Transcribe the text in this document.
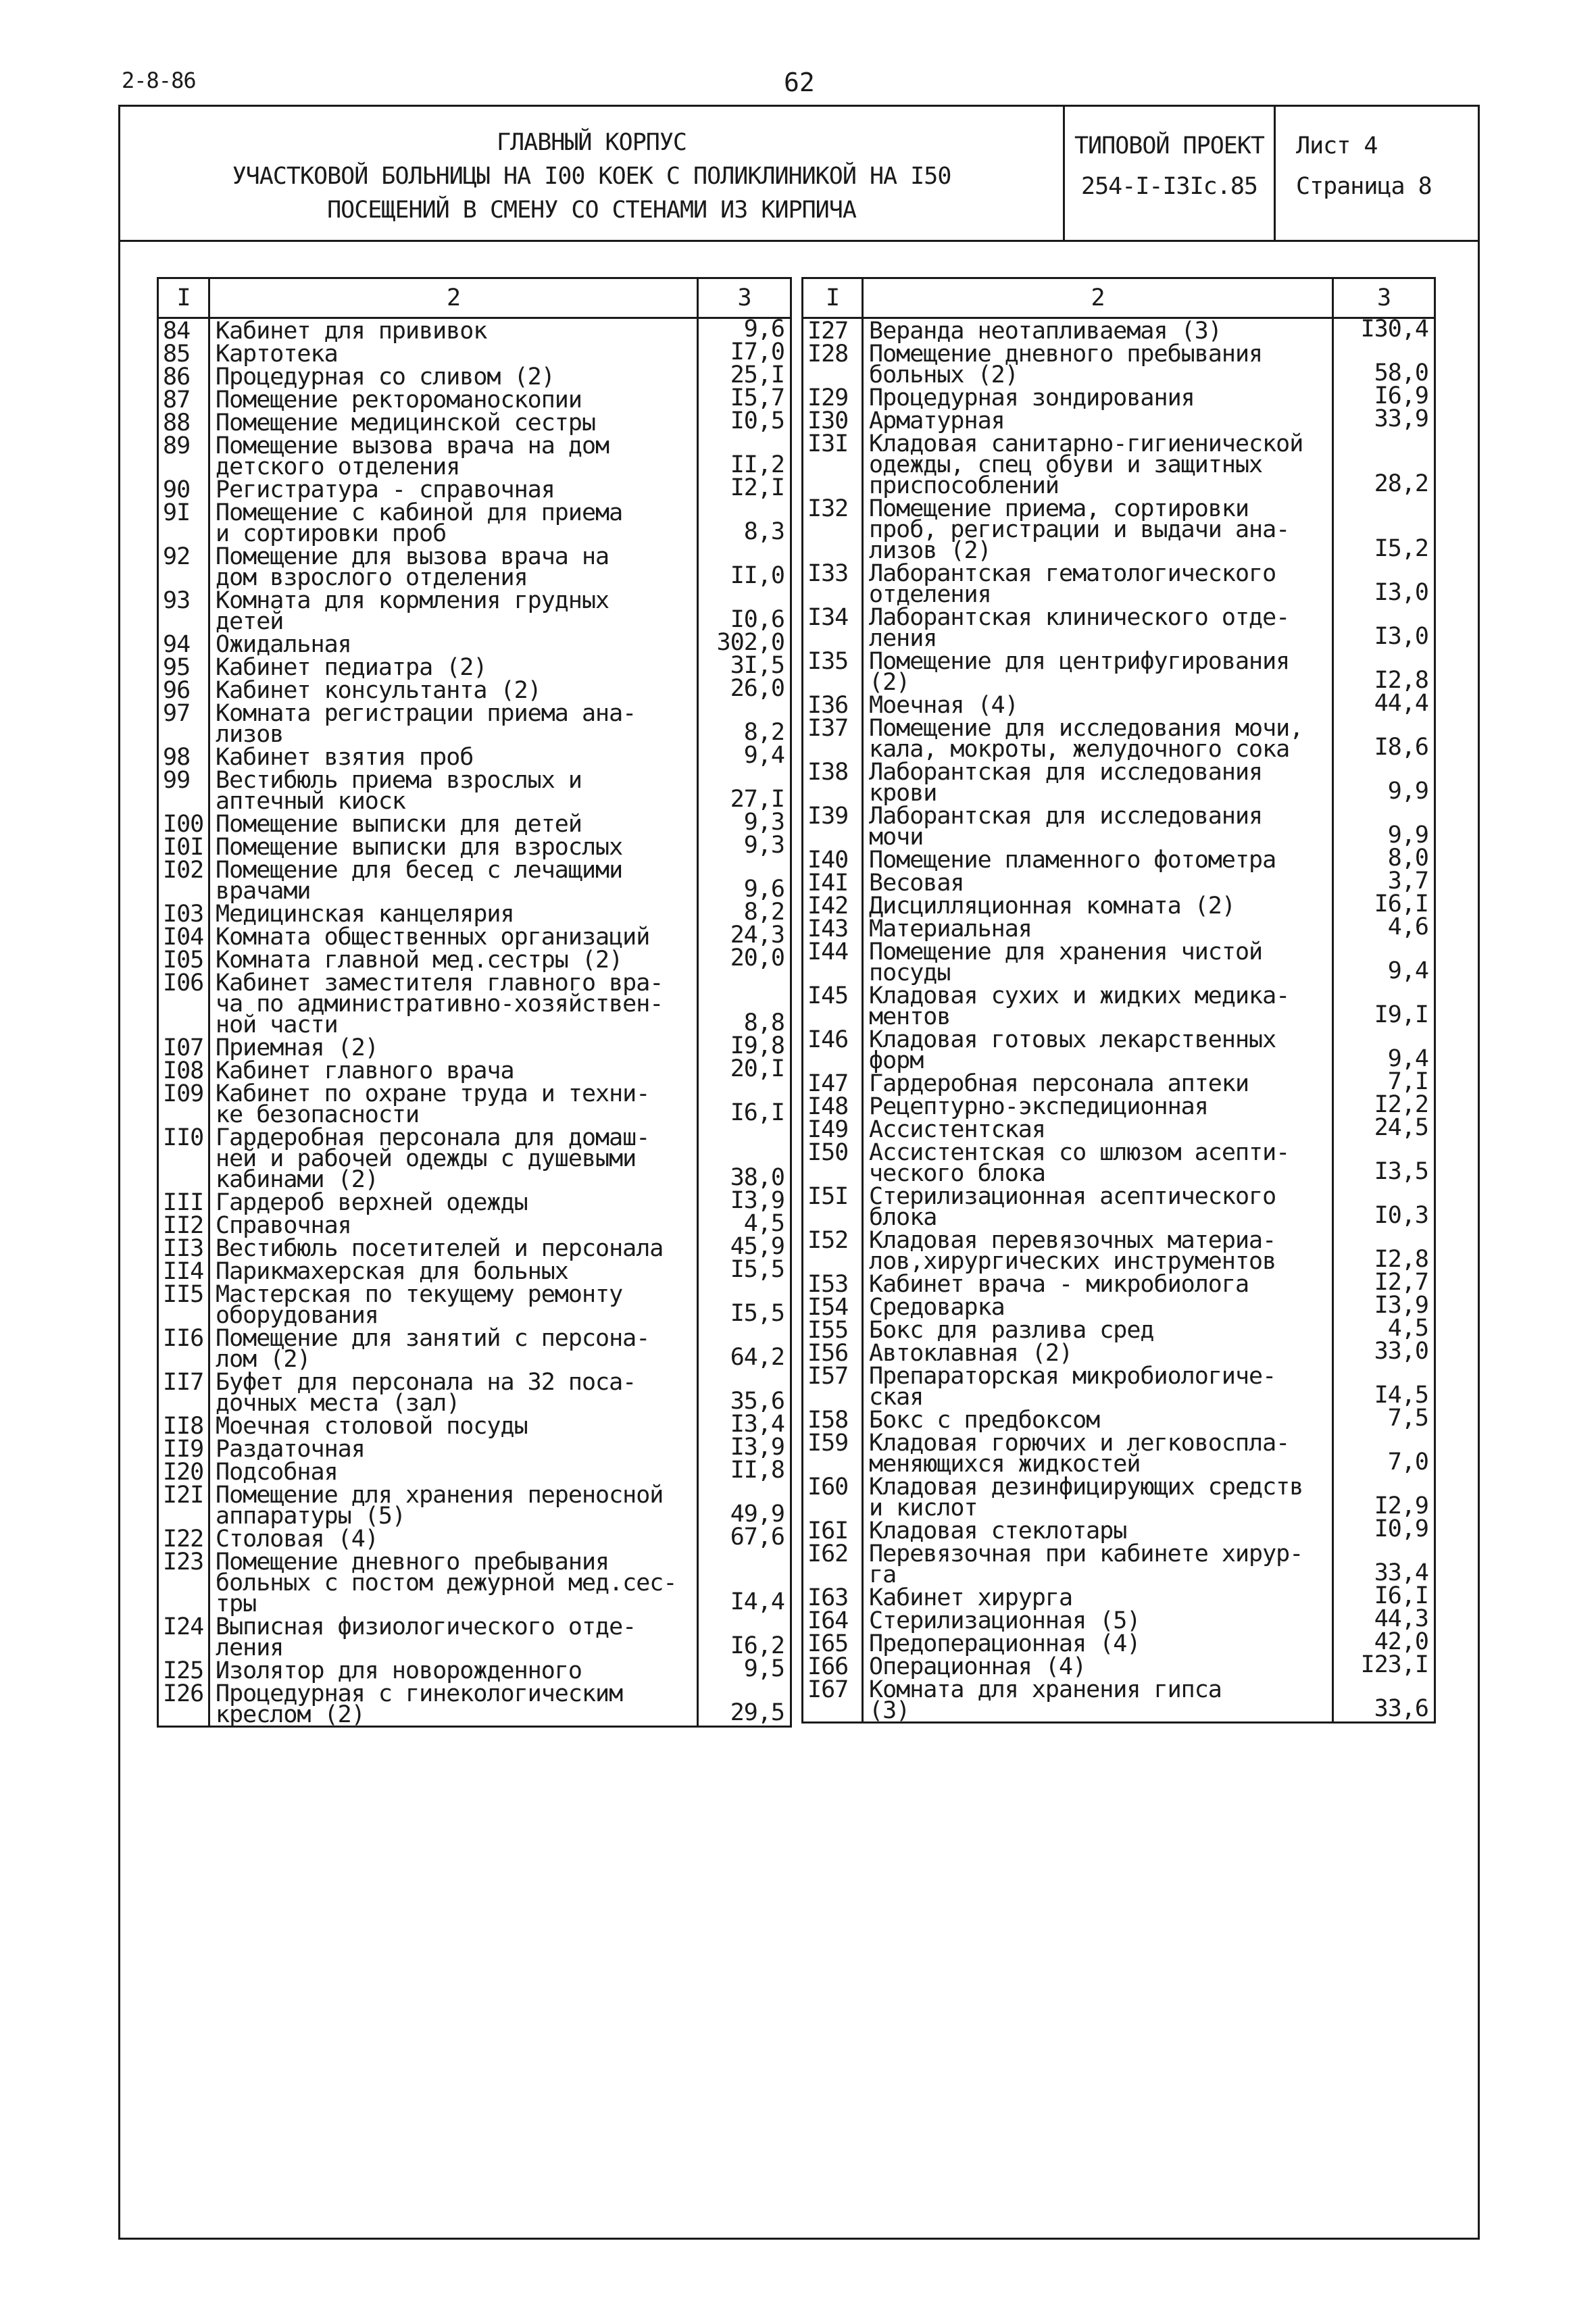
2-8-86	62
ГЛАВНЫЙ КОРПУС
УЧАСТКОВОЙ БОЛЬНИЦЫ НА I00 КОЕК С ПОЛИКЛИНИКОЙ НА I50
ПОСЕЩЕНИЙ В СМЕНУ СО СТЕНАМИ ИЗ КИРПИЧА
ТИПОВОЙ ПРОЕКТ
254-I-I3Iс.85
Лист 4
Страница 8
I	2	3
84	Кабинет для прививок	9,6
85	Картотека	I7,0
86	Процедурная со сливом (2)	25,I
87	Помещение ректороманоскопии	I5,7
88	Помещение медицинской сестры	I0,5
89	Помещение вызова врача на дом
детского отделения	II,2
90	Регистратура - справочная	I2,I
9I	Помещение с кабиной для приема
и сортировки проб	8,3
92	Помещение для вызова врача на
дом взрослого отделения	II,0
93	Комната для кормления грудных
детей	I0,6
94	Ожидальная	302,0
95	Кабинет педиатра (2)	3I,5
96	Кабинет консультанта (2)	26,0
97	Комната регистрации приема ана-
лизов	8,2
98	Кабинет взятия проб	9,4
99	Вестибюль приема взрослых и
аптечный киоск	27,I
I00	Помещение выписки для детей	9,3
I0I	Помещение выписки для взрослых	9,3
I02	Помещение для бесед с лечащими
врачами	9,6
I03	Медицинская канцелярия	8,2
I04	Комната общественных организаций	24,3
I05	Комната главной мед.сестры (2)	20,0
I06	Кабинет заместителя главного вра-
ча по административно-хозяйствен-
ной части	8,8
I07	Приемная (2)	I9,8
I08	Кабинет главного врача	20,I
I09	Кабинет по охране труда и техни-
ке безопасности	I6,I
II0	Гардеробная персонала для домаш-
ней и рабочей одежды с душевыми
кабинами (2)	38,0
III	Гардероб верхней одежды	I3,9
II2	Справочная	4,5
II3	Вестибюль посетителей и персонала	45,9
II4	Парикмахерская для больных	I5,5
II5	Мастерская по текущему ремонту
оборудования	I5,5
II6	Помещение для занятий с персона-
лом (2)	64,2
II7	Буфет для персонала на 32 поса-
дочных места (зал)	35,6
II8	Моечная столовой посуды	I3,4
II9	Раздаточная	I3,9
I20	Подсобная	II,8
I2I	Помещение для хранения переносной
аппаратуры (5)	49,9
I22	Столовая (4)	67,6
I23	Помещение дневного пребывания
больных с постом дежурной мед.сес-
тры	I4,4
I24	Выписная физиологического отде-
ления	I6,2
I25	Изолятор для новорожденного	9,5
I26	Процедурная с гинекологическим
креслом (2)	29,5
I	2	3
I27	Веранда неотапливаемая (3)	I30,4
I28	Помещение дневного пребывания
больных (2)	58,0
I29	Процедурная зондирования	I6,9
I30	Арматурная	33,9
I3I	Кладовая санитарно-гигиенической
одежды, спец обуви и защитных
приспособлений	28,2
I32	Помещение приема, сортировки
проб, регистрации и выдачи ана-
лизов (2)	I5,2
I33	Лаборантская гематологического
отделения	I3,0
I34	Лаборантская клинического отде-
ления	I3,0
I35	Помещение для центрифугирования
(2)	I2,8
I36	Моечная (4)	44,4
I37	Помещение для исследования мочи,
кала, мокроты, желудочного сока	I8,6
I38	Лаборантская для исследования
крови	9,9
I39	Лаборантская для исследования
мочи	9,9
I40	Помещение пламенного фотометра	8,0
I4I	Весовая	3,7
I42	Дисцилляционная комната (2)	I6,I
I43	Материальная	4,6
I44	Помещение для хранения чистой
посуды	9,4
I45	Кладовая сухих и жидких медика-
ментов	I9,I
I46	Кладовая готовых лекарственных
форм	9,4
I47	Гардеробная персонала аптеки	7,I
I48	Рецептурно-экспедиционная	I2,2
I49	Ассистентская	24,5
I50	Ассистентская со шлюзом асепти-
ческого блока	I3,5
I5I	Стерилизационная асептического
блока	I0,3
I52	Кладовая перевязочных материа-
лов,хирургических инструментов	I2,8
I53	Кабинет врача - микробиолога	I2,7
I54	Средоварка	I3,9
I55	Бокс для разлива сред	4,5
I56	Автоклавная (2)	33,0
I57	Препараторская микробиологиче-
ская	I4,5
I58	Бокс с предбоксом	7,5
I59	Кладовая горючих и легковоспла-
меняющихся жидкостей	7,0
I60	Кладовая дезинфицирующих средств
и кислот	I2,9
I6I	Кладовая стеклотары	I0,9
I62	Перевязочная при кабинете хирур-
га	33,4
I63	Кабинет хирурга	I6,I
I64	Стерилизационная (5)	44,3
I65	Предоперационная (4)	42,0
I66	Операционная (4)	I23,I
I67	Комната для хранения гипса
(3)	33,6
